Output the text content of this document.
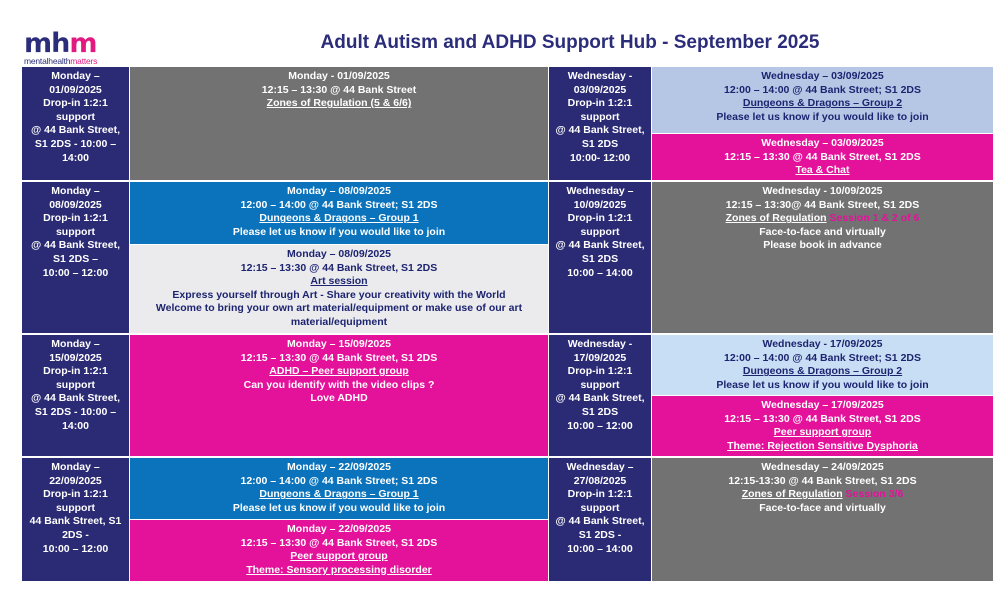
mhm
mentalhealthmatters
Adult Autism and ADHD Support Hub - September 2025
Monday –
01/09/2025
Drop-in 1:2:1
support
@ 44 Bank Street,
S1 2DS - 10:00 –
14:00
Monday - 01/09/2025
12:15 – 13:30 @ 44 Bank Street
Zones of Regulation (5 & 6/6)
Wednesday -
03/09/2025
Drop-in 1:2:1
support
@ 44 Bank Street,
S1 2DS
10:00- 12:00
Wednesday – 03/09/2025
12:00 – 14:00 @ 44 Bank Street; S1 2DS
Dungeons & Dragons – Group 2
Please let us know if you would like to join
Wednesday – 03/09/2025
12:15 – 13:30 @ 44 Bank Street, S1 2DS
Tea & Chat
Monday –
08/09/2025
Drop-in 1:2:1
support
@ 44 Bank Street,
S1 2DS –
10:00 – 12:00
Monday – 08/09/2025
12:00 – 14:00 @ 44 Bank Street; S1 2DS
Dungeons & Dragons – Group 1
Please let us know if you would like to join
Monday – 08/09/2025
12:15 – 13:30 @ 44 Bank Street, S1 2DS
Art session
Express yourself through Art - Share your creativity with the World
Welcome to bring your own art material/equipment or make use of our art
material/equipment
Wednesday –
10/09/2025
Drop-in 1:2:1
support
@ 44 Bank Street,
S1 2DS
10:00 – 14:00
Wednesday - 10/09/2025
12:15 – 13:30@ 44 Bank Street, S1 2DS
Zones of Regulation Session 1 & 2 of 6
Face-to-face and virtually
Please book in advance
Monday –
15/09/2025
Drop-in 1:2:1
support
@ 44 Bank Street,
S1 2DS - 10:00 –
14:00
Monday – 15/09/2025
12:15 – 13:30 @ 44 Bank Street, S1 2DS
ADHD – Peer support group
Can you identify with the video clips ?
Love ADHD
Wednesday -
17/09/2025
Drop-in 1:2:1
support
@ 44 Bank Street,
S1 2DS
10:00 – 12:00
Wednesday - 17/09/2025
12:00 – 14:00 @ 44 Bank Street; S1 2DS
Dungeons & Dragons – Group 2
Please let us know if you would like to join
Wednesday – 17/09/2025
12:15 – 13:30 @ 44 Bank Street, S1 2DS
Peer support group
Theme: Rejection Sensitive Dysphoria
Monday –
22/09/2025
Drop-in 1:2:1
support
44 Bank Street, S1
2DS -
10:00 – 12:00
Monday – 22/09/2025
12:00 – 14:00 @ 44 Bank Street; S1 2DS
Dungeons & Dragons – Group 1
Please let us know if you would like to join
Monday – 22/09/2025
12:15 – 13:30 @ 44 Bank Street, S1 2DS
Peer support group
Theme: Sensory processing disorder
Wednesday –
27/08/2025
Drop-in 1:2:1
support
@ 44 Bank Street,
S1 2DS -
10:00 – 14:00
Wednesday – 24/09/2025
12:15-13:30 @ 44 Bank Street, S1 2DS
Zones of Regulation Session 3/6
Face-to-face and virtually
